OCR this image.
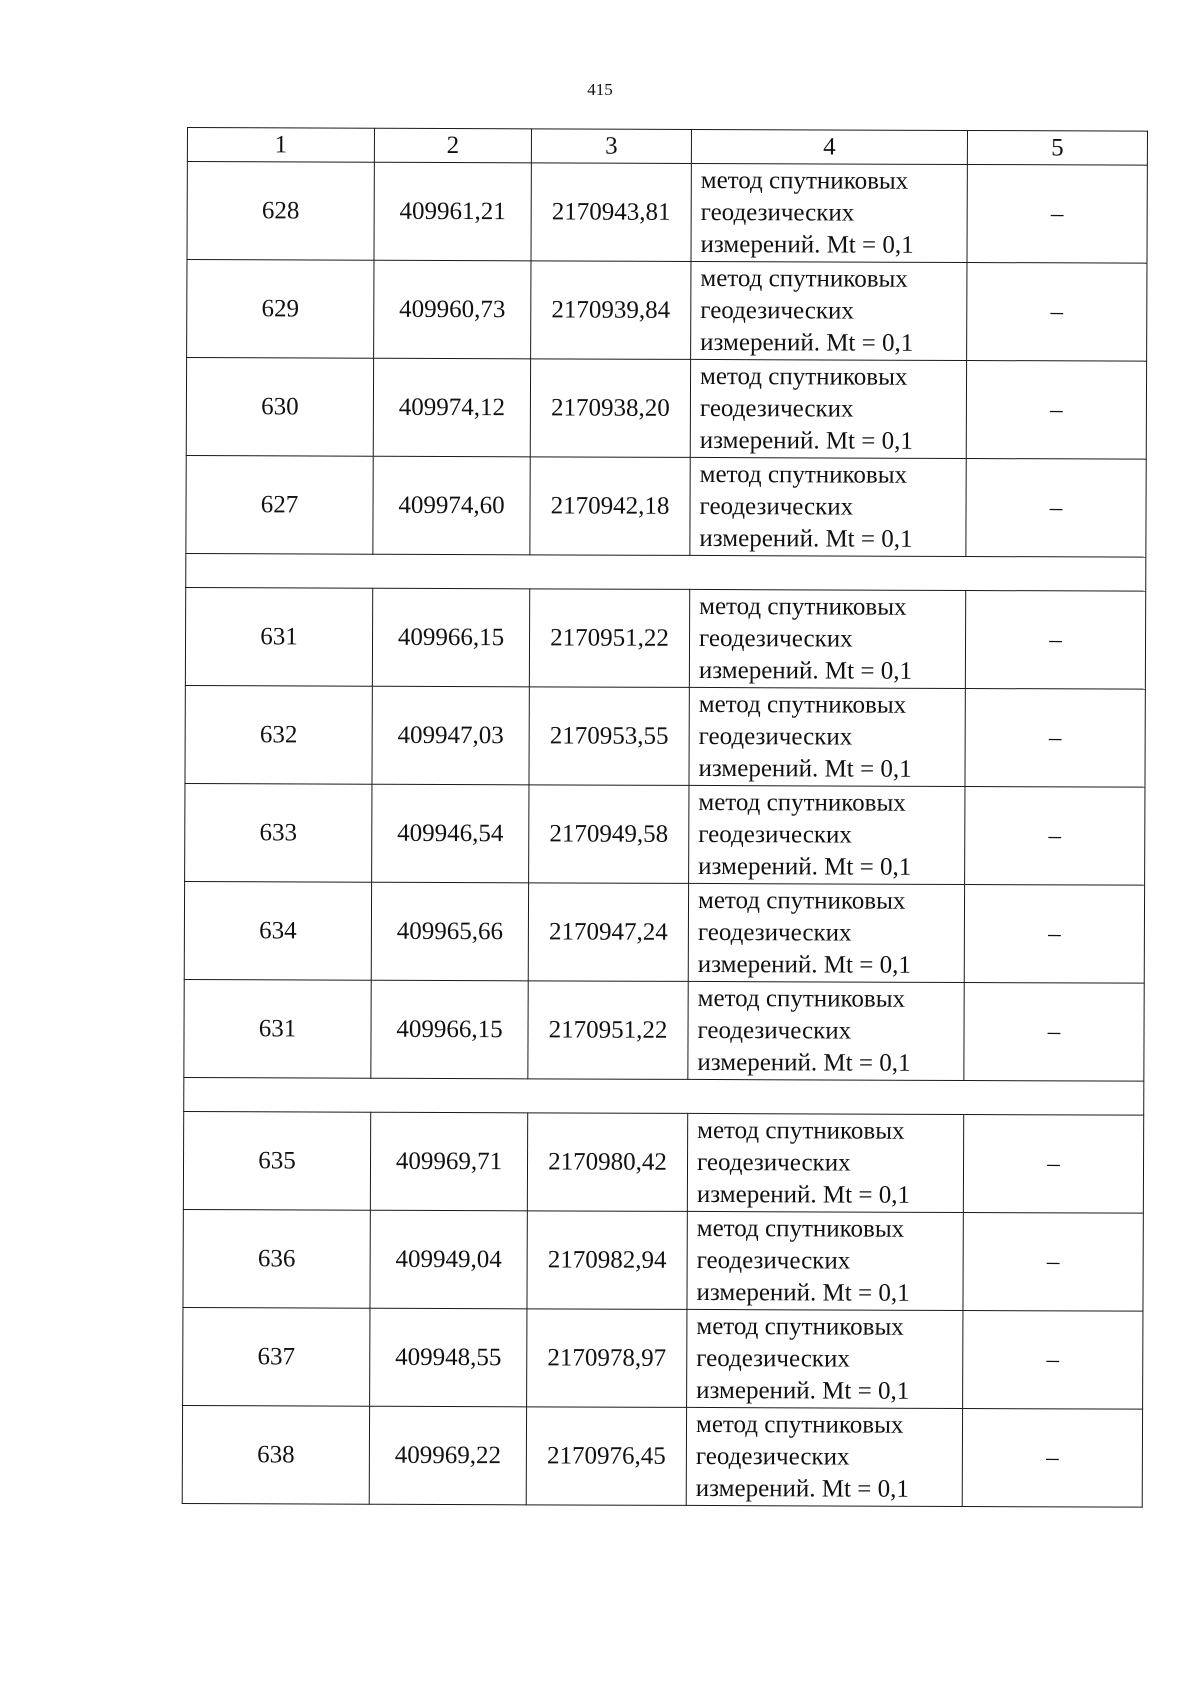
415
1	2	3	4	5
628	409961,21	2170943,81	метод спутниковых
геодезических
измерений. Mt = 0,1	–
629	409960,73	2170939,84	метод спутниковых
геодезических
измерений. Mt = 0,1	–
630	409974,12	2170938,20	метод спутниковых
геодезических
измерений. Mt = 0,1	–
627	409974,60	2170942,18	метод спутниковых
геодезических
измерений. Mt = 0,1	–

631	409966,15	2170951,22	метод спутниковых
геодезических
измерений. Mt = 0,1	–
632	409947,03	2170953,55	метод спутниковых
геодезических
измерений. Mt = 0,1	–
633	409946,54	2170949,58	метод спутниковых
геодезических
измерений. Mt = 0,1	–
634	409965,66	2170947,24	метод спутниковых
геодезических
измерений. Mt = 0,1	–
631	409966,15	2170951,22	метод спутниковых
геодезических
измерений. Mt = 0,1	–

635	409969,71	2170980,42	метод спутниковых
геодезических
измерений. Mt = 0,1	–
636	409949,04	2170982,94	метод спутниковых
геодезических
измерений. Mt = 0,1	–
637	409948,55	2170978,97	метод спутниковых
геодезических
измерений. Mt = 0,1	–
638	409969,22	2170976,45	метод спутниковых
геодезических
измерений. Mt = 0,1	–
